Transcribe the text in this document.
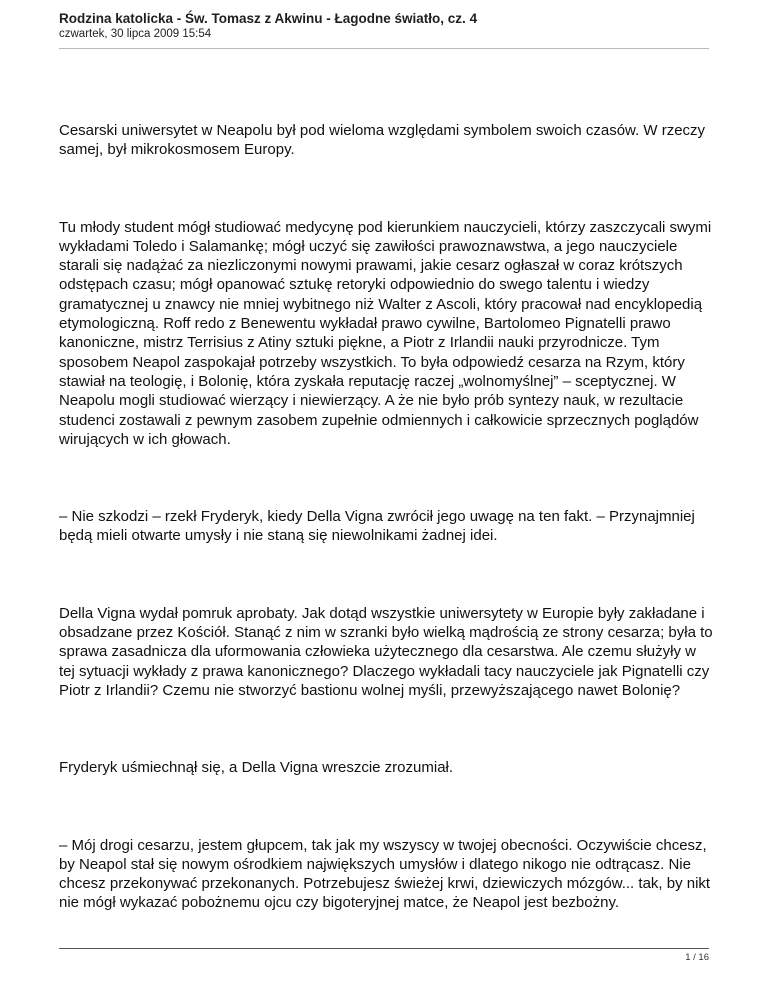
Rodzina katolicka - Św. Tomasz z Akwinu - Łagodne światło, cz. 4
czwartek, 30 lipca 2009 15:54

Cesarski uniwersytet w Neapolu był pod wieloma względami symbolem swoich czasów. W rzeczy samej, był mikrokosmosem Europy.

Tu młody student mógł studiować medycynę pod kierunkiem nauczycieli, którzy zaszczycali swymi wykładami Toledo i Salamankę; mógł uczyć się zawiłości prawoznawstwa, a jego nauczyciele starali się nadążać za niezliczonymi nowymi prawami, jakie cesarz ogłaszał w coraz krótszych odstępach czasu; mógł opanować sztukę retoryki odpowiednio do swego talentu i wiedzy gramatycznej u znawcy nie mniej wybitnego niż Walter z Ascoli, który pracował nad encyklopedią etymologiczną. Roff redo z Benewentu wykładał prawo cywilne, Bartolomeo Pignatelli prawo kanoniczne, mistrz Terrisius z Atiny sztuki piękne, a Piotr z Irlandii nauki przyrodnicze. Tym sposobem Neapol zaspokajał potrzeby wszystkich. To była odpowiedź cesarza na Rzym, który stawiał na teologię, i Bolonię, która zyskała reputację raczej „wolnomyślnej” – sceptycznej. W Neapolu mogli studiować wierzący i niewierzący. A że nie było prób syntezy nauk, w rezultacie studenci zostawali z pewnym zasobem zupełnie odmiennych i całkowicie sprzecznych poglądów wirujących w ich głowach.

– Nie szkodzi – rzekł Fryderyk, kiedy Della Vigna zwrócił jego uwagę na ten fakt. – Przynajmniej będą mieli otwarte umysły i nie staną się niewolnikami żadnej idei.

Della Vigna wydał pomruk aprobaty. Jak dotąd wszystkie uniwersytety w Europie były zakładane i obsadzane przez Kościół. Stanąć z nim w szranki było wielką mądrością ze strony cesarza; była to sprawa zasadnicza dla uformowania człowieka użytecznego dla cesarstwa. Ale czemu służyły w tej sytuacji wykłady z prawa kanonicznego? Dlaczego wykładali tacy nauczyciele jak Pignatelli czy Piotr z Irlandii? Czemu nie stworzyć bastionu wolnej myśli, przewyższającego nawet Bolonię?

Fryderyk uśmiechnął się, a Della Vigna wreszcie zrozumiał.

– Mój drogi cesarzu, jestem głupcem, tak jak my wszyscy w twojej obecności. Oczywiście chcesz, by Neapol stał się nowym ośrodkiem największych umysłów i dlatego nikogo nie odtrącasz. Nie chcesz przekonywać przekonanych. Potrzebujesz świeżej krwi, dziewiczych mózgów... tak, by nikt nie mógł wykazać pobożnemu ojcu czy bigoteryjnej matce, że Neapol jest bezbożny.

1 / 16
